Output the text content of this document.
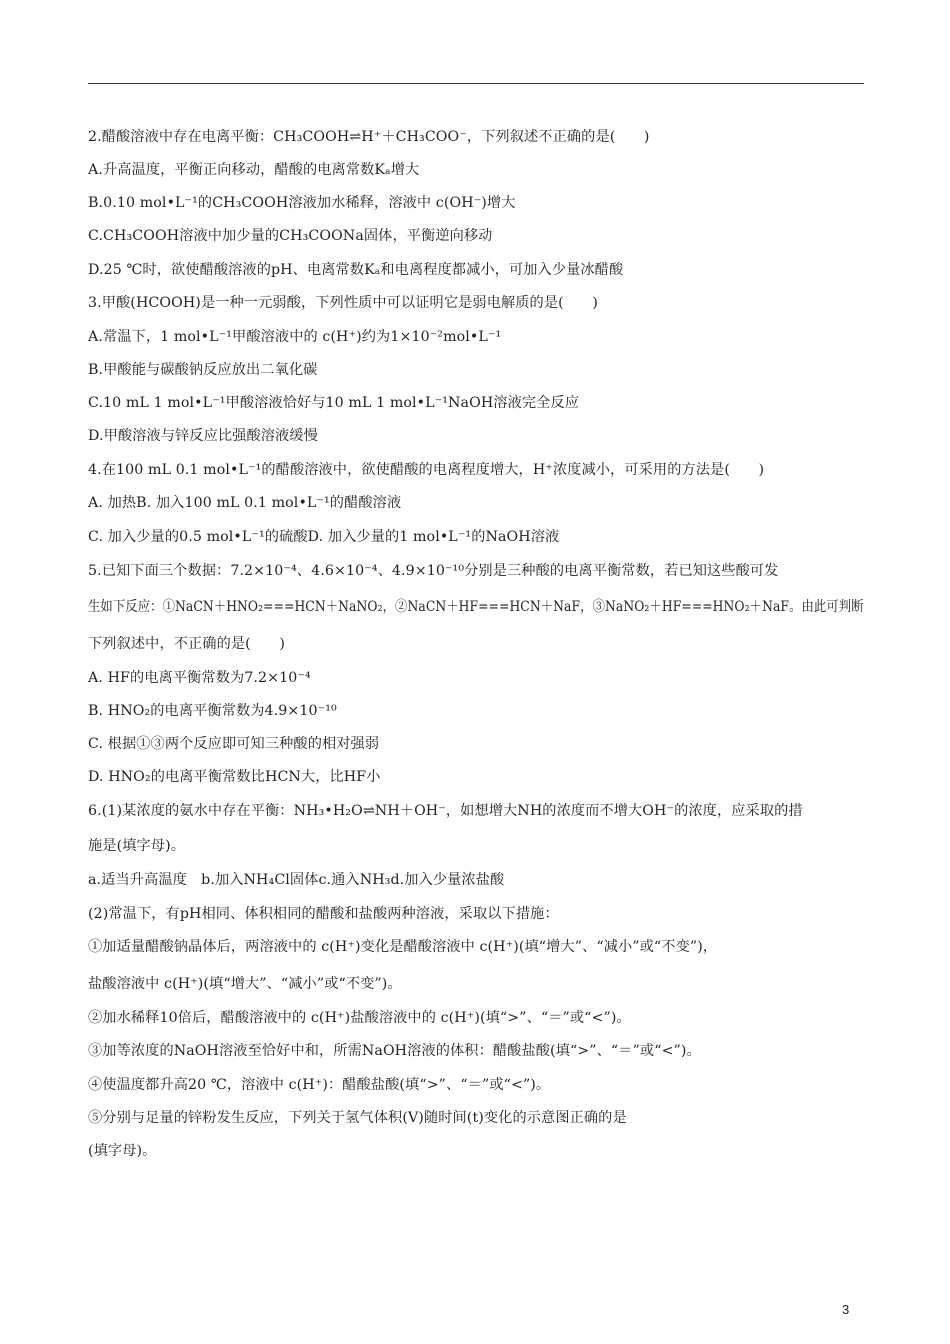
2.醋酸溶液中存在电离平衡：CH₃COOH⇌H⁺＋CH₃COO⁻，下列叙述不正确的是(　　)
A.升高温度，平衡正向移动，醋酸的电离常数Kₐ增大
B.0.10 mol•L⁻¹的CH₃COOH溶液加水稀释，溶液中 c(OH⁻)增大
C.CH₃COOH溶液中加少量的CH₃COONa固体，平衡逆向移动
D.25 ℃时，欲使醋酸溶液的pH、电离常数Kₐ和电离程度都减小，可加入少量冰醋酸
3.甲酸(HCOOH)是一种一元弱酸，下列性质中可以证明它是弱电解质的是(　　)
A.常温下，1 mol•L⁻¹甲酸溶液中的 c(H⁺)约为1×10⁻²mol•L⁻¹
B.甲酸能与碳酸钠反应放出二氧化碳
C.10 mL 1 mol•L⁻¹甲酸溶液恰好与10 mL 1 mol•L⁻¹NaOH溶液完全反应
D.甲酸溶液与锌反应比强酸溶液缓慢
4.在100 mL 0.1 mol•L⁻¹的醋酸溶液中，欲使醋酸的电离程度增大，H⁺浓度减小，可采用的方法是(　　)
A. 加热B. 加入100 mL 0.1 mol•L⁻¹的醋酸溶液
C. 加入少量的0.5 mol•L⁻¹的硫酸D. 加入少量的1 mol•L⁻¹的NaOH溶液
5.已知下面三个数据：7.2×10⁻⁴、4.6×10⁻⁴、4.9×10⁻¹⁰分别是三种酸的电离平衡常数，若已知这些酸可发
生如下反应：①NaCN＋HNO₂===HCN＋NaNO₂，②NaCN＋HF===HCN＋NaF，③NaNO₂＋HF===HNO₂＋NaF。由此可判断
下列叙述中，不正确的是(　　)
A. HF的电离平衡常数为7.2×10⁻⁴
B. HNO₂的电离平衡常数为4.9×10⁻¹⁰
C. 根据①③两个反应即可知三种酸的相对强弱
D. HNO₂的电离平衡常数比HCN大，比HF小
6.(1)某浓度的氨水中存在平衡：NH₃•H₂O⇌NH＋OH⁻，如想增大NH的浓度而不增大OH⁻的浓度，应采取的措
施是(填字母)。
a.适当升高温度　b.加入NH₄Cl固体c.通入NH₃d.加入少量浓盐酸
(2)常温下，有pH相同、体积相同的醋酸和盐酸两种溶液，采取以下措施：
①加适量醋酸钠晶体后，两溶液中的 c(H⁺)变化是醋酸溶液中 c(H⁺)(填“增大”、“减小”或“不变”)，
盐酸溶液中 c(H⁺)(填“增大”、“减小”或“不变”)。
②加水稀释10倍后，醋酸溶液中的 c(H⁺)盐酸溶液中的 c(H⁺)(填“>”、“＝”或“<”)。
③加等浓度的NaOH溶液至恰好中和，所需NaOH溶液的体积：醋酸盐酸(填“>”、“＝”或“<”)。
④使温度都升高20 ℃，溶液中 c(H⁺)：醋酸盐酸(填“>”、“＝”或“<”)。
⑤分别与足量的锌粉发生反应，下列关于氢气体积(V)随时间(t)变化的示意图正确的是
(填字母)。
3
